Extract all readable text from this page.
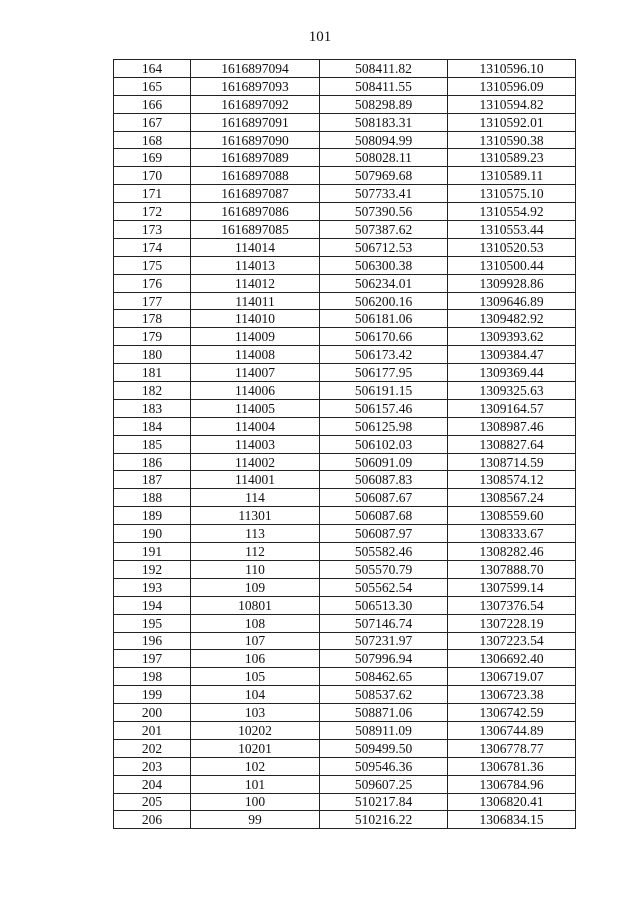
101
164	1616897094	508411.82	1310596.10
165	1616897093	508411.55	1310596.09
166	1616897092	508298.89	1310594.82
167	1616897091	508183.31	1310592.01
168	1616897090	508094.99	1310590.38
169	1616897089	508028.11	1310589.23
170	1616897088	507969.68	1310589.11
171	1616897087	507733.41	1310575.10
172	1616897086	507390.56	1310554.92
173	1616897085	507387.62	1310553.44
174	114014	506712.53	1310520.53
175	114013	506300.38	1310500.44
176	114012	506234.01	1309928.86
177	114011	506200.16	1309646.89
178	114010	506181.06	1309482.92
179	114009	506170.66	1309393.62
180	114008	506173.42	1309384.47
181	114007	506177.95	1309369.44
182	114006	506191.15	1309325.63
183	114005	506157.46	1309164.57
184	114004	506125.98	1308987.46
185	114003	506102.03	1308827.64
186	114002	506091.09	1308714.59
187	114001	506087.83	1308574.12
188	114	506087.67	1308567.24
189	11301	506087.68	1308559.60
190	113	506087.97	1308333.67
191	112	505582.46	1308282.46
192	110	505570.79	1307888.70
193	109	505562.54	1307599.14
194	10801	506513.30	1307376.54
195	108	507146.74	1307228.19
196	107	507231.97	1307223.54
197	106	507996.94	1306692.40
198	105	508462.65	1306719.07
199	104	508537.62	1306723.38
200	103	508871.06	1306742.59
201	10202	508911.09	1306744.89
202	10201	509499.50	1306778.77
203	102	509546.36	1306781.36
204	101	509607.25	1306784.96
205	100	510217.84	1306820.41
206	99	510216.22	1306834.15
